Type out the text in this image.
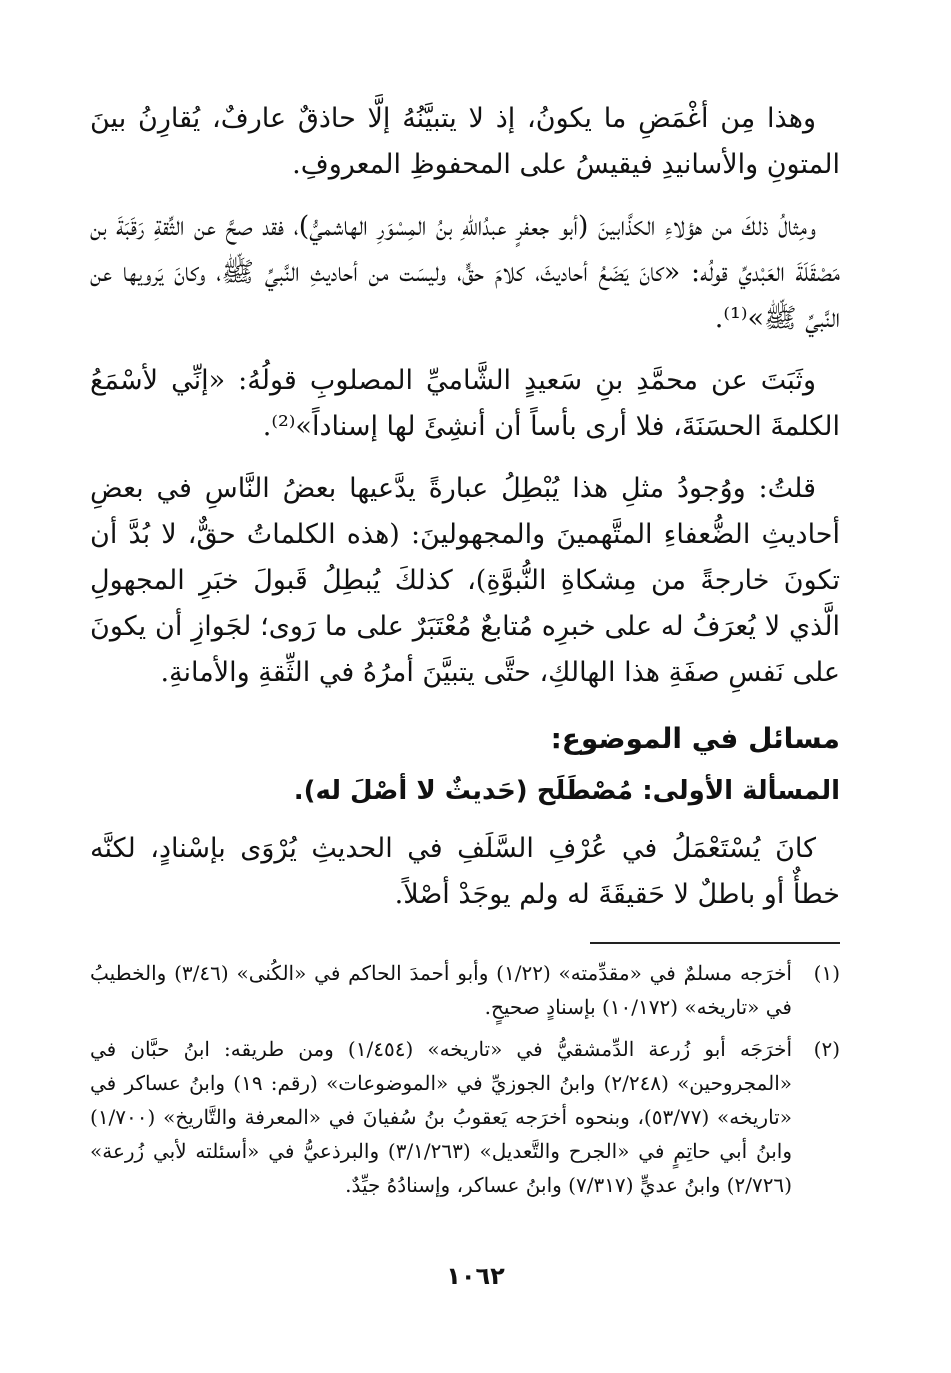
وهذا مِن أغْمَضِ ما يكونُ، إذ لا يتبيَّنُهُ إلَّا حاذقٌ عارفٌ، يُقارِنُ بينَ المتونِ والأسانيدِ فيقيسُ على المحفوظِ المعروفِ.

ومِثالُ ذلكَ من هؤلاءِ الكذَّابينَ (أبو جعفرٍ عبدُاللهِ بنُ المِسْوَرِ الهاشميُّ)، فقد صحَّ عن الثِّقةِ رَقَبَةَ بن مَصْقَلَةَ العَبْديِّ قولُه: «كانَ يَضَعُ أحاديثَ، كلامَ حقٍّ، وليسَت من أحاديثِ النَّبيِّ ﷺ، وكانَ يَرويها عن النَّبيِّ ﷺ»⁽¹⁾.

وثَبَتَ عن محمَّدِ بنِ سَعيدٍ الشَّاميِّ المصلوبِ قولُهُ: «إنِّي لأسْمَعُ الكلمةَ الحسَنَةَ، فلا أرى بأساً أن أنشِئَ لها إسناداً»⁽²⁾.

قلتُ: ووُجودُ مثلِ هذا يُبْطِلُ عبارةً يدَّعيها بعضُ النَّاسِ في بعضِ أحاديثِ الضُّعفاءِ المتَّهمينَ والمجهولينَ: (هذه الكلماتُ حقٌّ، لا بُدَّ أن تكونَ خارجةً من مِشكاةِ النُّبوَّةِ)، كذلكَ يُبطِلُ قَبولَ خبَرِ المجهولِ الَّذي لا يُعرَفُ له على خبرِه مُتابعٌ مُعْتَبَرٌ على ما رَوى؛ لجَوازِ أن يكونَ على نَفسِ صفَةِ هذا الهالكِ، حتَّى يتبيَّنَ أمرُهُ في الثِّقةِ والأمانةِ.

مسائل في الموضوع:
المسألة الأولى: مُصْطَلَح (حَديثٌ لا أصْلَ له).

كانَ يُسْتَعْمَلُ في عُرْفِ السَّلَفِ في الحديثِ يُرْوَى بإسْنادٍ، لكنَّه خطأٌ أو باطلٌ لا حَقيقَةَ له ولم يوجَدْ أصْلاً.

(١)
أخرَجه مسلمٌ في «مقدِّمته» (١/٢٢) وأبو أحمدَ الحاكم في «الكُنى» (٣/٤٦) والخطيبُ في «تاريخه» (١٠/١٧٢) بإسنادٍ صحيحٍ.
(٢)
أخرَجَه أبو زُرعة الدِّمشقيُّ في «تاريخه» (١/٤٥٤) ومن طريقه: ابنُ حبَّان في «المجروحين» (٢/٢٤٨) وابنُ الجوزيِّ في «الموضوعات» (رقم: ١٩) وابنُ عساكر في «تاريخه» (٥٣/٧٧)، وبنحوه أخرَجه يَعقوبُ بنُ سُفيانَ في «المعرفة والتَّاريخ» (١/٧٠٠) وابنُ أبي حاتِمٍ في «الجرح والتَّعديل» (٣/١/٢٦٣) والبرذعيُّ في «أسئلته لأبي زُرعة» (٢/٧٢٦) وابنُ عديٍّ (٧/٣١٧) وابنُ عساكر، وإسنادُهُ جيِّدٌ.
١٠٦٢
